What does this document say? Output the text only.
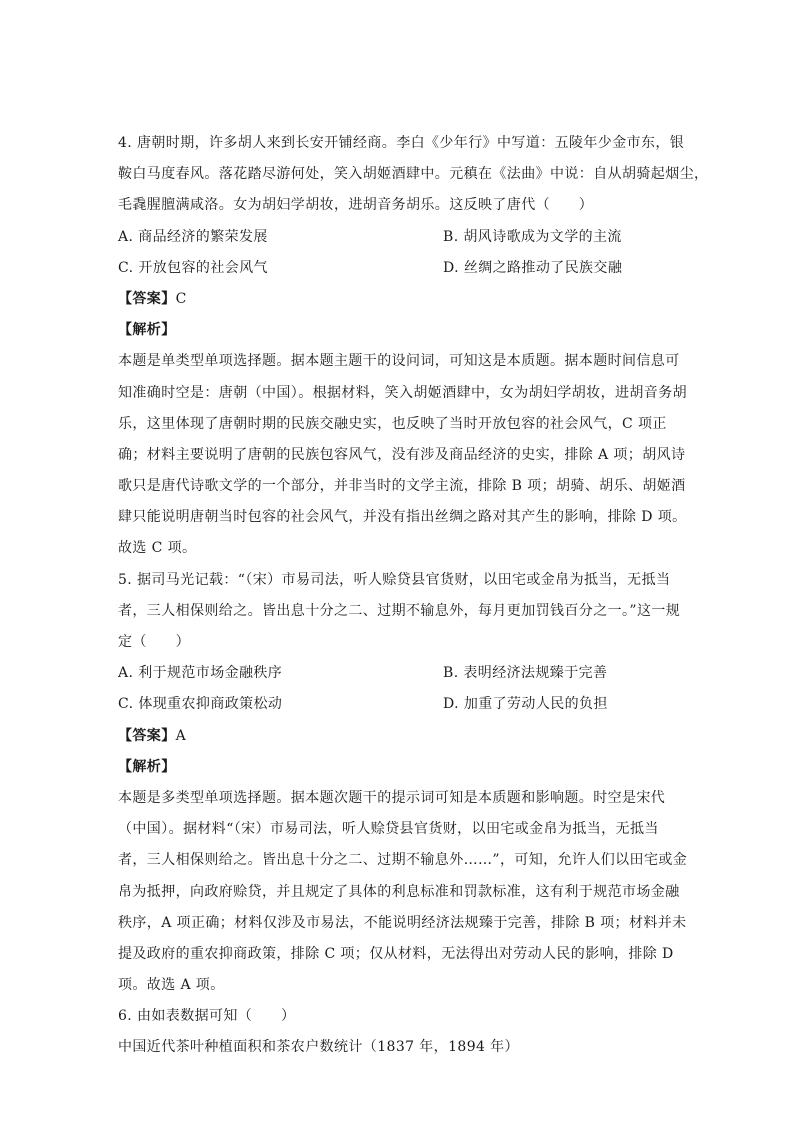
4. 唐朝时期，许多胡人来到长安开铺经商。李白《少年行》中写道：五陵年少金市东，银
鞍白马度春风。落花踏尽游何处，笑入胡姬酒肆中。元稹在《法曲》中说：自从胡骑起烟尘，
毛毳腥膻满咸洛。女为胡妇学胡妆，进胡音务胡乐。这反映了唐代（　　）
A. 商品经济的繁荣发展	B. 胡风诗歌成为文学的主流
C. 开放包容的社会风气	D. 丝绸之路推动了民族交融
【答案】C
【解析】
本题是单类型单项选择题。据本题主题干的设问词，可知这是本质题。据本题时间信息可
知准确时空是：唐朝（中国）。根据材料，笑入胡姬酒肆中，女为胡妇学胡妆，进胡音务胡
乐，这里体现了唐朝时期的民族交融史实，也反映了当时开放包容的社会风气，C 项正
确；材料主要说明了唐朝的民族包容风气，没有涉及商品经济的史实，排除 A 项；胡风诗
歌只是唐代诗歌文学的一个部分，并非当时的文学主流，排除 B 项；胡骑、胡乐、胡姬酒
肆只能说明唐朝当时包容的社会风气，并没有指出丝绸之路对其产生的影响，排除 D 项。
故选 C 项。
5. 据司马光记载：“（宋）市易司法，听人赊贷县官货财，以田宅或金帛为抵当，无抵当
者，三人相保则给之。皆出息十分之二、过期不输息外，每月更加罚钱百分之一。”这一规
定（　　）
A. 利于规范市场金融秩序	B. 表明经济法规臻于完善
C. 体现重农抑商政策松动	D. 加重了劳动人民的负担
【答案】A
【解析】
本题是多类型单项选择题。据本题次题干的提示词可知是本质题和影响题。时空是宋代
（中国）。据材料“（宋）市易司法，听人赊贷县官货财，以田宅或金帛为抵当，无抵当
者，三人相保则给之。皆出息十分之二、过期不输息外……”，可知，允许人们以田宅或金
帛为抵押，向政府赊贷，并且规定了具体的利息标准和罚款标准，这有利于规范市场金融
秩序，A 项正确；材料仅涉及市易法，不能说明经济法规臻于完善，排除 B 项；材料并未
提及政府的重农抑商政策，排除 C 项；仅从材料，无法得出对劳动人民的影响，排除 D
项。故选 A 项。
6. 由如表数据可知（　　）
中国近代茶叶种植面积和茶农户数统计（1837 年，1894 年）
